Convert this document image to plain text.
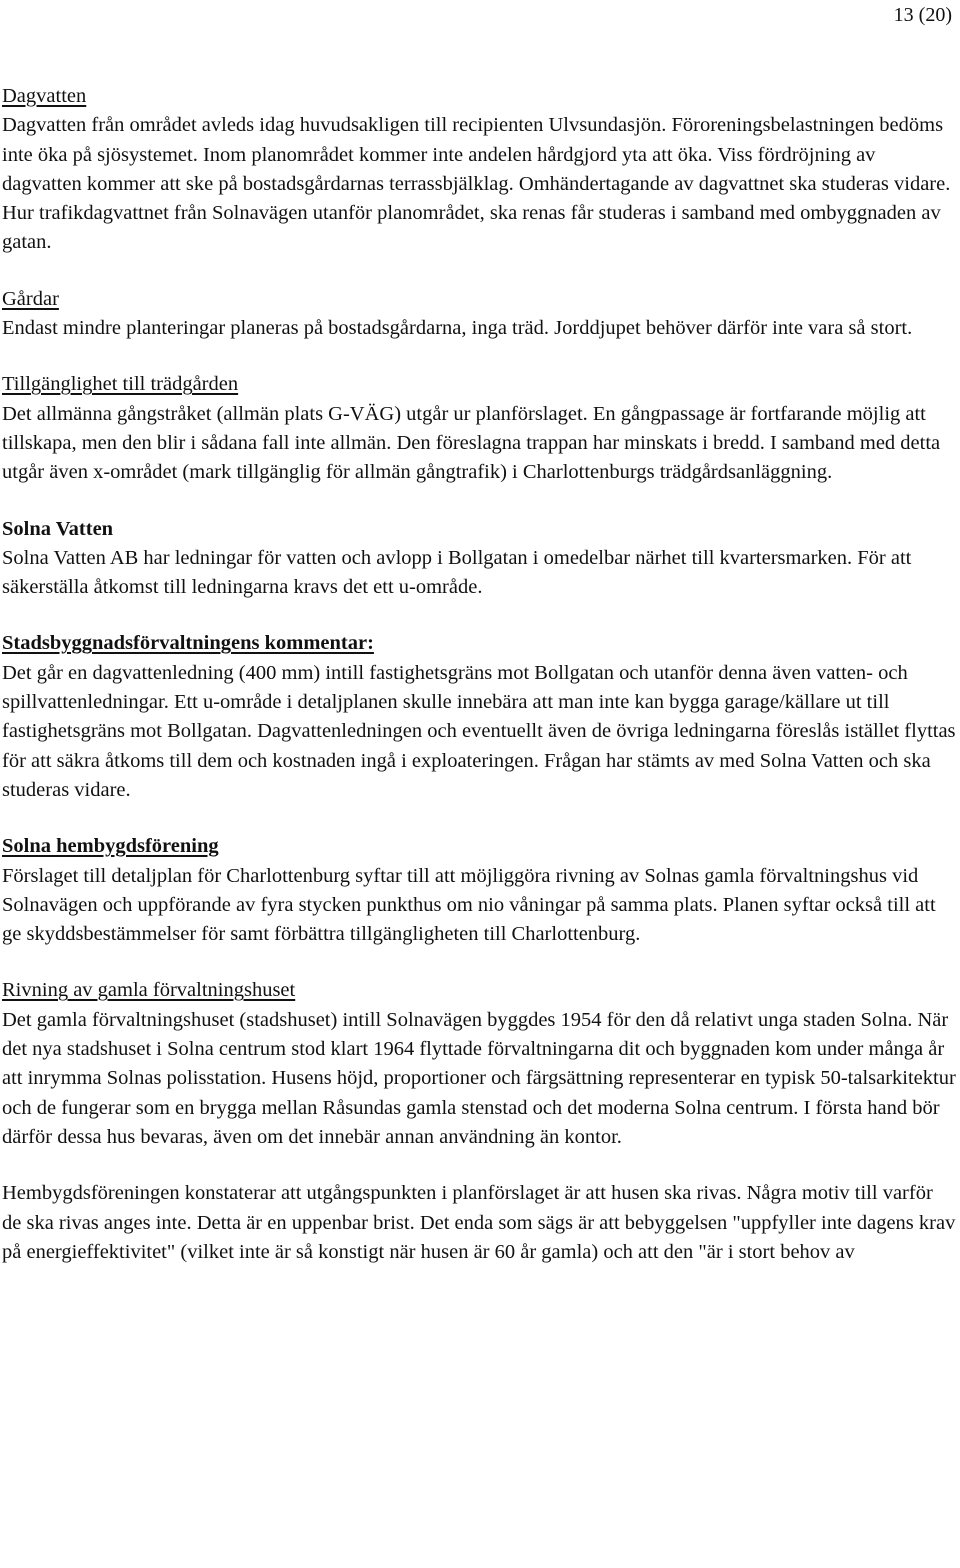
13 (20)
Dagvatten

Dagvatten från området avleds idag huvudsakligen till recipienten Ulvsundasjön. Föroreningsbelastningen bedöms inte öka på sjösystemet. Inom planområdet kommer inte andelen hårdgjord yta att öka. Viss fördröjning av dagvatten kommer att ske på bostadsgårdarnas terrassbjälklag. Omhändertagande av dagvattnet ska studeras vidare. Hur trafikdagvattnet från Solnavägen utanför planområdet, ska renas får studeras i samband med ombyggnaden av gatan.

Gårdar

Endast mindre planteringar planeras på bostadsgårdarna, inga träd. Jorddjupet behöver därför inte vara så stort.

Tillgänglighet till trädgården

Det allmänna gångstråket (allmän plats G-VÄG) utgår ur planförslaget. En gångpassage är fortfarande möjlig att tillskapa, men den blir i sådana fall inte allmän. Den föreslagna trappan har minskats i bredd. I samband med detta utgår även x-området (mark tillgänglig för allmän gångtrafik) i Charlottenburgs trädgårdsanläggning.

Solna Vatten

Solna Vatten AB har ledningar för vatten och avlopp i Bollgatan i omedelbar närhet till kvartersmarken. För att säkerställa åtkomst till ledningarna kravs det ett u-område.

Stadsbyggnadsförvaltningens kommentar:

Det går en dagvattenledning (400 mm) intill fastighetsgräns mot Bollgatan och utanför denna även vatten- och spillvattenledningar. Ett u-område i detaljplanen skulle innebära att man inte kan bygga garage/källare ut till fastighetsgräns mot Bollgatan. Dagvattenledningen och eventuellt även de övriga ledningarna föreslås istället flyttas för att säkra åtkoms till dem och kostnaden ingå i exploateringen. Frågan har stämts av med Solna Vatten och ska studeras vidare.

Solna hembygdsförening

Förslaget till detaljplan för Charlottenburg syftar till att möjliggöra rivning av Solnas gamla förvaltningshus vid Solnavägen och uppförande av fyra stycken punkthus om nio våningar på samma plats. Planen syftar också till att ge skyddsbestämmelser för samt förbättra tillgängligheten till Charlottenburg.

Rivning av gamla förvaltningshuset

Det gamla förvaltningshuset (stadshuset) intill Solnavägen byggdes 1954 för den då relativt unga staden Solna. När det nya stadshuset i Solna centrum stod klart 1964 flyttade förvaltningarna dit och byggnaden kom under många år att inrymma Solnas polisstation. Husens höjd, proportioner och färgsättning representerar en typisk 50-talsarkitektur och de fungerar som en brygga mellan Råsundas gamla stenstad och det moderna Solna centrum. I första hand bör därför dessa hus bevaras, även om det innebär annan användning än kontor.

Hembygdsföreningen konstaterar att utgångspunkten i planförslaget är att husen ska rivas. Några motiv till varför de ska rivas anges inte. Detta är en uppenbar brist. Det enda som sägs är att bebyggelsen "uppfyller inte dagens krav på energieffektivitet" (vilket inte är så konstigt när husen är 60 år gamla) och att den "är i stort behov av
